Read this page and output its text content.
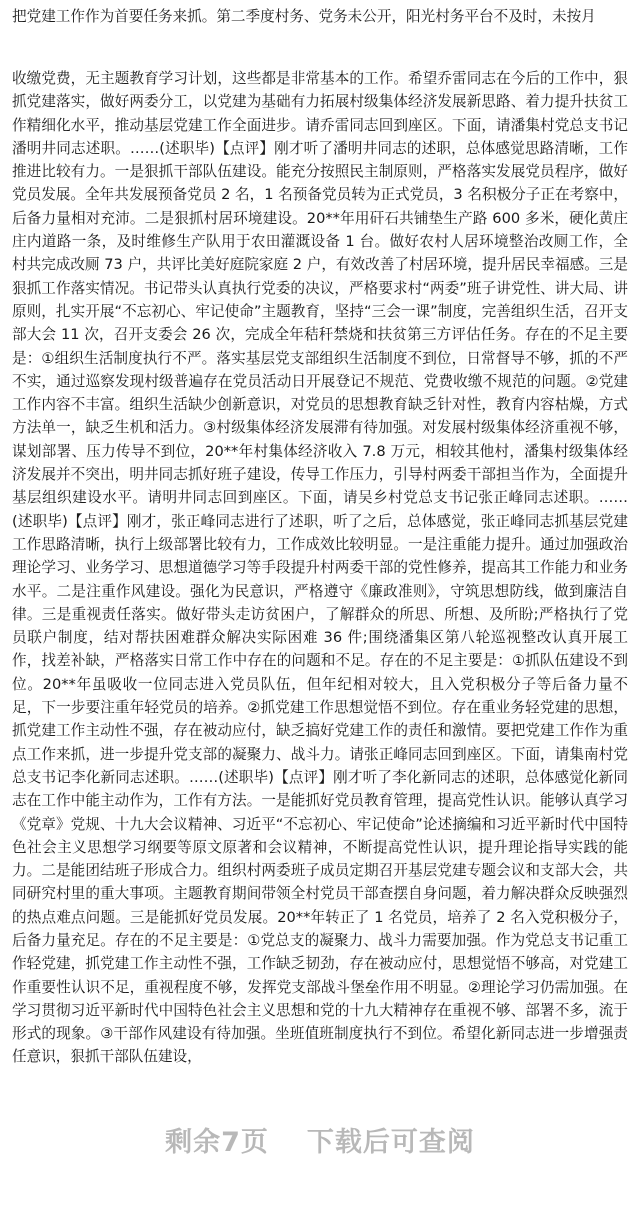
把党建工作作为首要任务来抓。第二季度村务、党务未公开，阳光村务平台不及时，未按月

收缴党费，无主题教育学习计划，这些都是非常基本的工作。希望乔雷同志在今后的工作中，狠抓党建落实，做好两委分工，以党建为基础有力拓展村级集体经济发展新思路、着力提升扶贫工作精细化水平，推动基层党建工作全面进步。请乔雷同志回到座区。下面，请潘集村党总支书记潘明井同志述职。……(述职毕)【点评】刚才听了潘明井同志的述职，总体感觉思路清晰，工作推进比较有力。一是狠抓干部队伍建设。能充分按照民主制原则，严格落实发展党员程序，做好党员发展。全年共发展预备党员 2 名，1 名预备党员转为正式党员，3 名积极分子正在考察中，后备力量相对充沛。二是狠抓村居环境建设。20**年用矸石共铺垫生产路 600 多米，硬化黄庄庄内道路一条，及时维修生产队用于农田灌溉设备 1 台。做好农村人居环境整治改厕工作，全村共完成改厕 73 户，共评比美好庭院家庭 2 户，有效改善了村居环境，提升居民幸福感。三是狠抓工作落实情况。书记带头认真执行党委的决议，严格要求村“两委”班子讲党性、讲大局、讲原则，扎实开展“不忘初心、牢记使命”主题教育，坚持“三会一课”制度，完善组织生活，召开支部大会 11 次，召开支委会 26 次，完成全年秸秆禁烧和扶贫第三方评估任务。存在的不足主要是：①组织生活制度执行不严。落实基层党支部组织生活制度不到位，日常督导不够，抓的不严不实，通过巡察发现村级普遍存在党员活动日开展登记不规范、党费收缴不规范的问题。②党建工作内容不丰富。组织生活缺少创新意识，对党员的思想教育缺乏针对性，教育内容枯燥，方式方法单一，缺乏生机和活力。③村级集体经济发展滞有待加强。对发展村级集体经济重视不够，谋划部署、压力传导不到位，20**年村集体经济收入 7.8 万元，相较其他村，潘集村级集体经济发展并不突出，明井同志抓好班子建设，传导工作压力，引导村两委干部担当作为，全面提升基层组织建设水平。请明井同志回到座区。下面，请吴乡村党总支书记张正峰同志述职。……(述职毕)【点评】刚才，张正峰同志进行了述职，听了之后，总体感觉，张正峰同志抓基层党建工作思路清晰，执行上级部署比较有力，工作成效比较明显。一是注重能力提升。通过加强政治理论学习、业务学习、思想道德学习等手段提升村两委干部的党性修养，提高其工作能力和业务水平。二是注重作风建设。强化为民意识，严格遵守《廉政准则》，守筑思想防线，做到廉洁自律。三是重视责任落实。做好带头走访贫困户，了解群众的所思、所想、及所盼;严格执行了党员联户制度，结对帮扶困难群众解决实际困难 36 件;围绕潘集区第八轮巡视整改认真开展工作，找差补缺，严格落实日常工作中存在的问题和不足。存在的不足主要是：①抓队伍建设不到位。20**年虽吸收一位同志进入党员队伍，但年纪相对较大，且入党积极分子等后备力量不足，下一步要注重年轻党员的培养。②抓党建工作思想觉悟不到位。存在重业务轻党建的思想，抓党建工作主动性不强，存在被动应付，缺乏搞好党建工作的责任和激情。要把党建工作作为重点工作来抓，进一步提升党支部的凝聚力、战斗力。请张正峰同志回到座区。下面，请集南村党总支书记李化新同志述职。……(述职毕)【点评】刚才听了李化新同志的述职，总体感觉化新同志在工作中能主动作为，工作有方法。一是能抓好党员教育管理，提高党性认识。能够认真学习《党章》党规、十九大会议精神、习近平“不忘初心、牢记使命”论述摘编和习近平新时代中国特色社会主义思想学习纲要等原文原著和会议精神，不断提高党性认识，提升理论指导实践的能力。二是能团结班子形成合力。组织村两委班子成员定期召开基层党建专题会议和支部大会，共同研究村里的重大事项。主题教育期间带领全村党员干部查摆自身问题，着力解决群众反映强烈的热点难点问题。三是能抓好党员发展。20**年转正了 1 名党员，培养了 2 名入党积极分子，后备力量充足。存在的不足主要是：①党总支的凝聚力、战斗力需要加强。作为党总支书记重工作轻党建，抓党建工作主动性不强，工作缺乏韧劲，存在被动应付，思想觉悟不够高，对党建工作重要性认识不足，重视程度不够，发挥党支部战斗堡垒作用不明显。②理论学习仍需加强。在学习贯彻习近平新时代中国特色社会主义思想和党的十九大精神存在重视不够、部署不多，流于形式的现象。③干部作风建设有待加强。坐班值班制度执行不到位。希望化新同志进一步增强责任意识，狠抓干部队伍建设，

剩余7页 下载后可查阅
